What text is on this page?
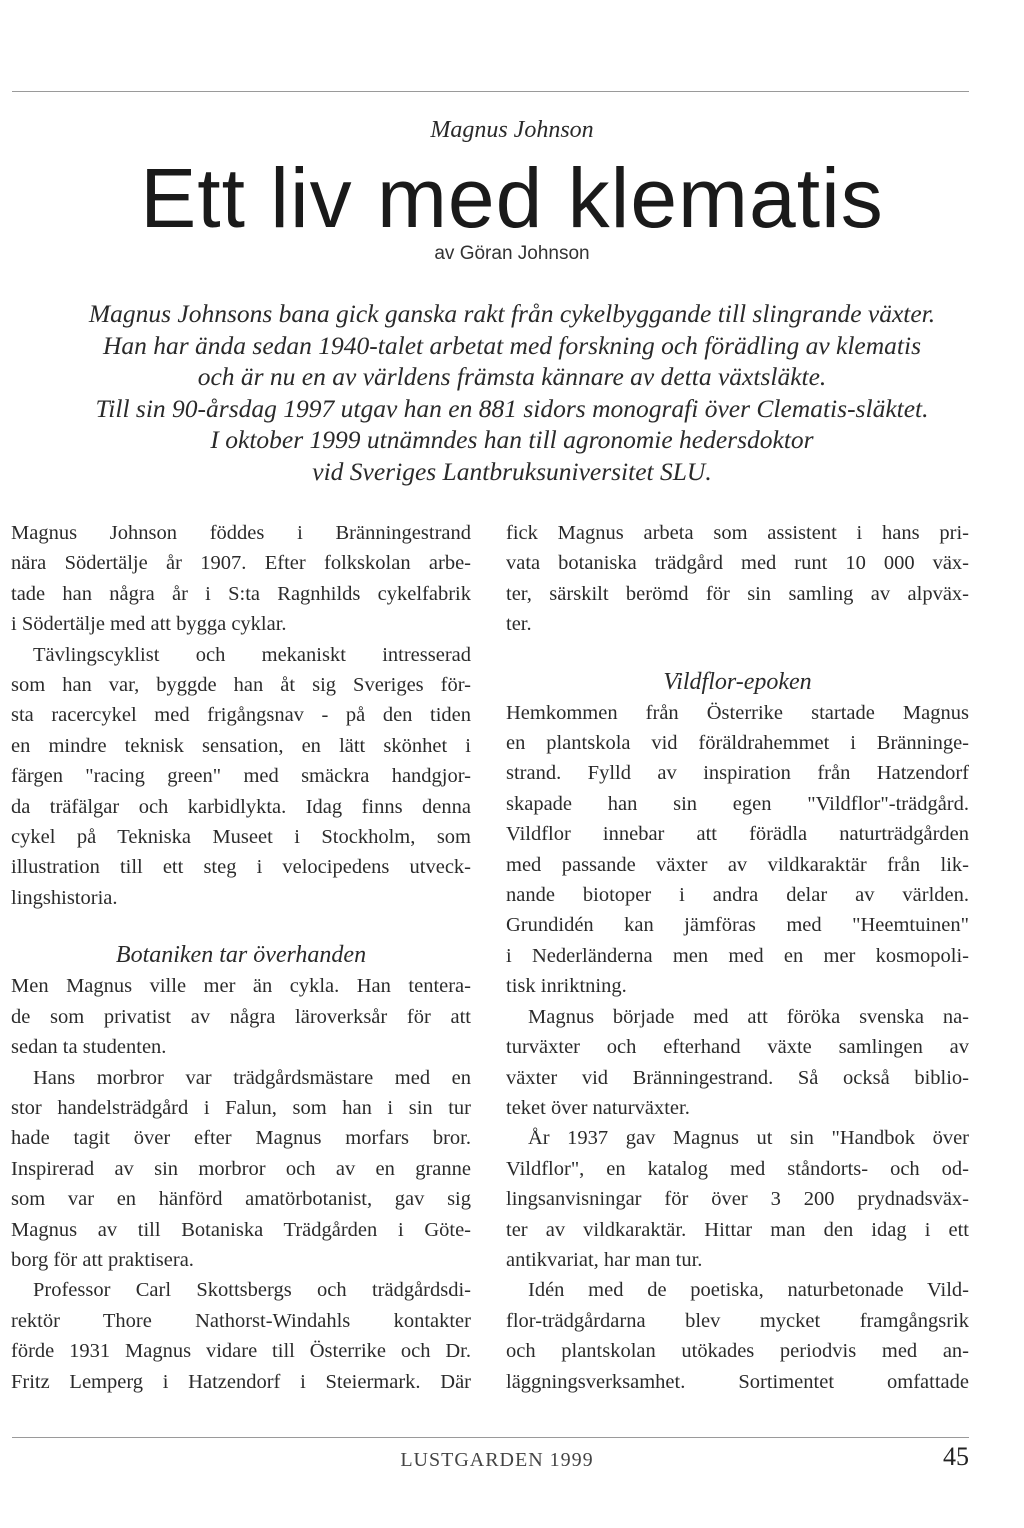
Magnus Johnson
Ett liv med klematis
av Göran Johnson
Magnus Johnsons bana gick ganska rakt från cykelbyggande till slingrande växter.
Han har ända sedan 1940-talet arbetat med forskning och förädling av klematis
och är nu en av världens främsta kännare av detta växtsläkte.
Till sin 90-årsdag 1997 utgav han en 881 sidors monografi över Clematis-släktet.
I oktober 1999 utnämndes han till agronomie hedersdoktor
vid Sveriges Lantbruksuniversitet SLU.

Magnus Johnson föddes i Bränningestrand
nära Södertälje år 1907. Efter folkskolan arbe-
tade han några år i S:ta Ragnhilds cykelfabrik
i Södertälje med att bygga cyklar.

Tävlingscyklist och mekaniskt intresserad
som han var, byggde han åt sig Sveriges för-
sta racercykel med frigångsnav - på den tiden
en mindre teknisk sensation, en lätt skönhet i
färgen "racing green" med smäckra handgjor-
da träfälgar och karbidlykta. Idag finns denna
cykel på Tekniska Museet i Stockholm, som
illustration till ett steg i velocipedens utveck-
lingshistoria.

Botaniken tar överhanden

Men Magnus ville mer än cykla. Han tentera-
de som privatist av några läroverksår för att
sedan ta studenten.

Hans morbror var trädgårdsmästare med en
stor handelsträdgård i Falun, som han i sin tur
hade tagit över efter Magnus morfars bror.
Inspirerad av sin morbror och av en granne
som var en hänförd amatörbotanist, gav sig
Magnus av till Botaniska Trädgården i Göte-
borg för att praktisera.

Professor Carl Skottsbergs och trädgårdsdi-
rektör Thore Nathorst-Windahls kontakter
förde 1931 Magnus vidare till Österrike och Dr.
Fritz Lemperg i Hatzendorf i Steiermark. Där

fick Magnus arbeta som assistent i hans pri-
vata botaniska trädgård med runt 10 000 väx-
ter, särskilt berömd för sin samling av alpväx-
ter.

Vildflor-epoken

Hemkommen från Österrike startade Magnus
en plantskola vid föräldrahemmet i Bränninge-
strand. Fylld av inspiration från Hatzendorf
skapade han sin egen "Vildflor"-trädgård.
Vildflor innebar att förädla naturträdgården
med passande växter av vildkaraktär från lik-
nande biotoper i andra delar av världen.
Grundidén kan jämföras med "Heemtuinen"
i Nederländerna men med en mer kosmopoli-
tisk inriktning.

Magnus började med att föröka svenska na-
turväxter och efterhand växte samlingen av
växter vid Bränningestrand. Så också biblio-
teket över naturväxter.

År 1937 gav Magnus ut sin "Handbok över
Vildflor", en katalog med ståndorts- och od-
lingsanvisningar för över 3 200 prydnadsväx-
ter av vildkaraktär. Hittar man den idag i ett
antikvariat, har man tur.

Idén med de poetiska, naturbetonade Vild-
flor-trädgårdarna blev mycket framgångsrik
och plantskolan utökades periodvis med an-
läggningsverksamhet. Sortimentet omfattade

LUSTGARDEN 1999	45
